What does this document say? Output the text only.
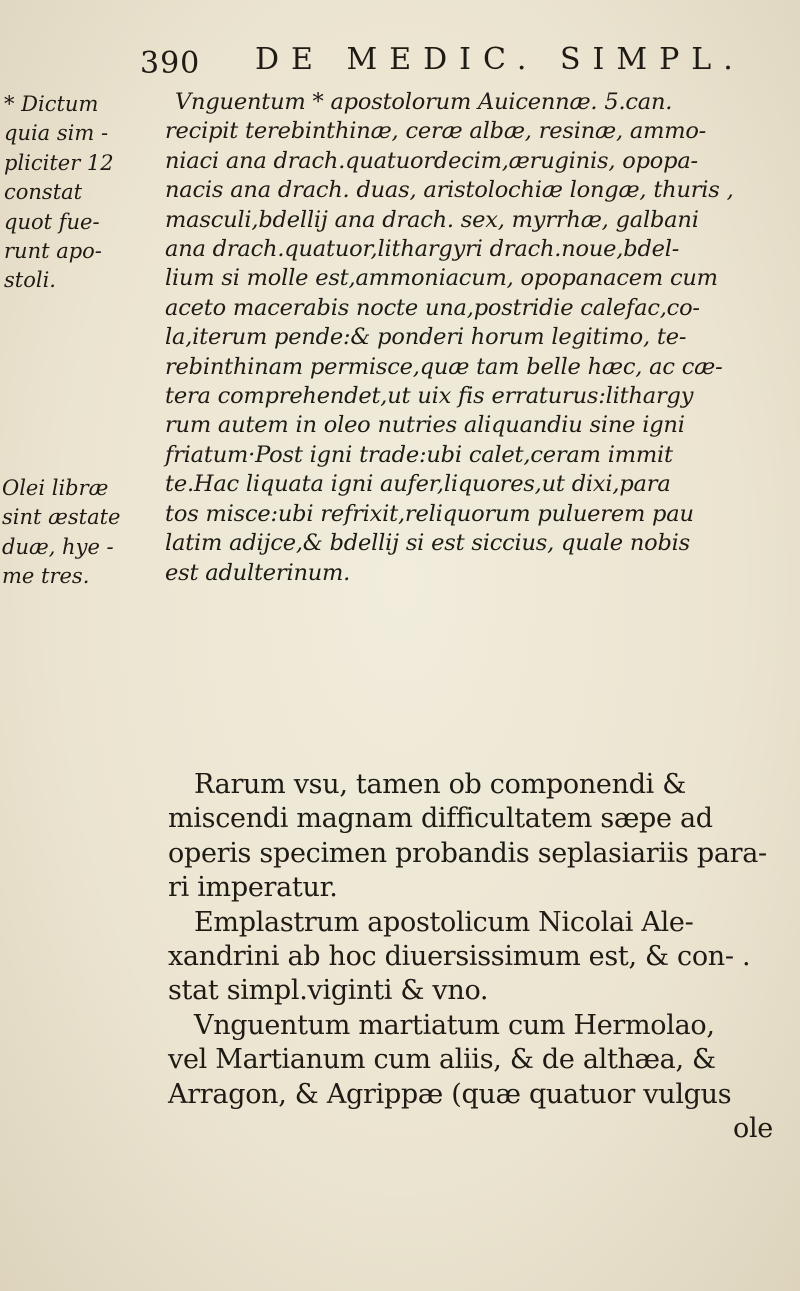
390 DE MEDIC. SIMPL.
* Dictum
quia sim -
pliciter 12
constat
quot fue-
runt apo-
stoli.
Olei libræ
sint æstate
duæ, hye -
me tres.
Vnguentum * apostolorum Auicennæ. 5.can.
recipit terebinthinæ, ceræ albæ, resinæ, ammo-
niaci ana drach.quatuordecim,æruginis, opopa-
nacis ana drach. duas, aristolochiæ longæ, thuris ,
masculi,bdellij ana drach. sex, myrrhæ, galbani
ana drach.quatuor,lithargyri drach.noue,bdel-
lium si molle est,ammoniacum, opopanacem cum
aceto macerabis nocte una,postridie calefac,co-
la,iterum pende:& ponderi horum legitimo, te-
rebinthinam permisce,quæ tam belle hæc, ac cæ-
tera comprehendet,ut uix fis erraturus:lithargy
rum autem in oleo nutries aliquandiu sine igni
friatum·Post igni trade:ubi calet,ceram immit
te.Hac liquata igni aufer,liquores,ut dixi,para
tos misce:ubi refrixit,reliquorum puluerem pau
latim adijce,& bdellij si est siccius, quale nobis
est adulterinum.
Rarum vsu, tamen ob componendi &
miscendi magnam difficultatem sæpe ad
operis specimen probandis seplasiariis para-
ri imperatur.
Emplastrum apostolicum Nicolai Ale-
xandrini ab hoc diuersissimum est, & con- .
stat simpl.viginti & vno.
Vnguentum martiatum cum Hermolao,
vel Martianum cum aliis, & de althæa, &
Arragon, & Agrippæ (quæ quatuor vulgus
ole
